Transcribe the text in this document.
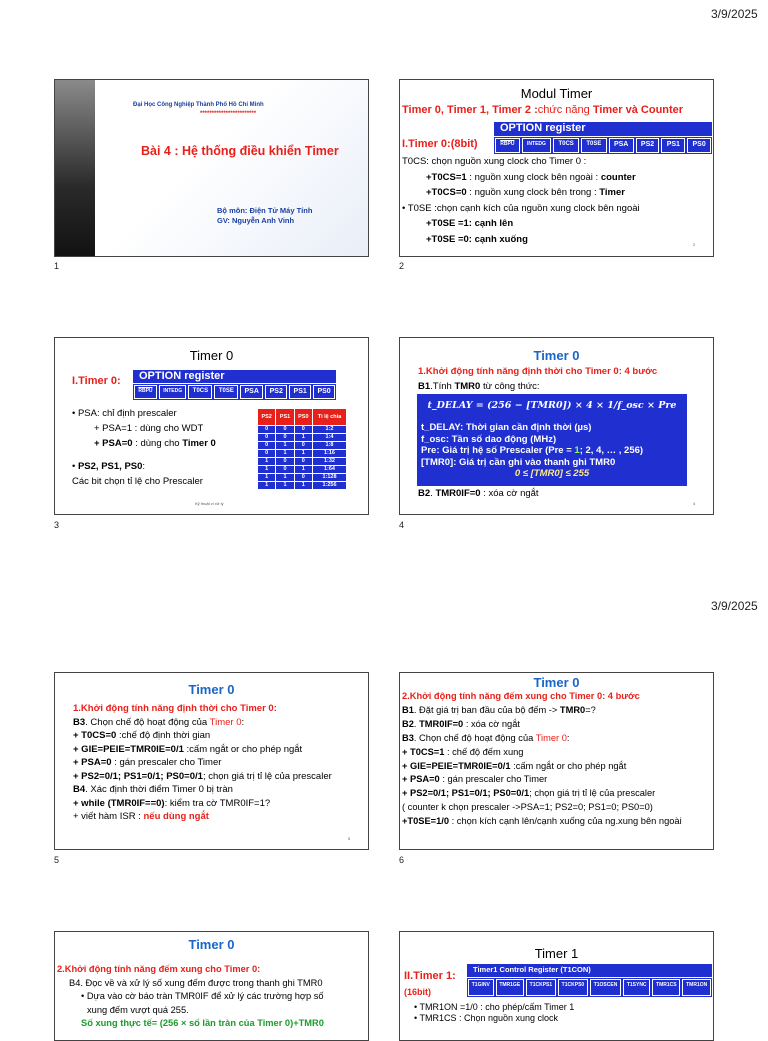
3/9/2025
3/9/2025
Đại Học Công Nghiệp Thành Phố Hồ Chí Minh
************************
Bài 4 : Hệ thống điều khiển Timer
Bộ môn: Điện Tử Máy Tính
GV: Nguyễn Anh Vinh
1
Modul Timer
Timer 0, Timer 1, Timer 2 :chức năng Timer và Counter
I.Timer 0:(8bit)
OPTION register
RBPU	INTEDG	T0CS	T0SE	PSA	PS2	PS1	PS0
T0CS: chọn nguồn xung clock cho Timer 0 :
+T0CS=1 : nguồn xung clock bên ngoài : counter
+T0CS=0 : nguồn xung clock bên trong : Timer
• T0SE :chọn cạnh kích của nguồn xung clock bên ngoài
+T0SE =1: cạnh lên
+T0SE =0: cạnh xuống	2
2
Timer 0
I.Timer 0:	OPTION register
RBPU	INTEDG	T0CS	T0SE	PSA	PS2	PS1	PS0
• PSA: chỉ định prescaler
+ PSA=1 : dùng cho WDT
+ PSA=0 : dùng cho Timer 0
• PS2, PS1, PS0:
Các bit chọn tỉ lệ cho Prescaler
PS2	PS1	PS0	Tỉ lệ chia
0	0	0	1:2
0	0	1	1:4
0	1	0	1:8
0	1	1	1:16
1	0	0	1:32
1	0	1	1:64
1	1	0	1:128
1	1	1	1:256
Kỹ thuật vi xử lý
3
Timer 0
1.Khởi động tính năng định thời cho Timer 0: 4 bước
B1.Tính TMR0 từ công thức:
t_DELAY = (256 − [TMR0]) × 4 × 1/f_osc × Pre
t_DELAY: Thời gian cần định thời (µs)
f_osc: Tần số dao động (MHz)
Pre: Giá trị hệ số Prescaler (Pre = 1; 2, 4, … , 256)
[TMR0]: Giá trị cần ghi vào thanh ghi TMR0
0 ≤ [TMR0] ≤ 255
B2. TMR0IF=0 : xóa cờ ngắt
4
4
Timer 0
1.Khởi động tính năng định thời cho Timer 0:
B3. Chọn chế độ hoạt động của Timer 0:
+ T0CS=0 :chế độ định thời gian
+ GIE=PEIE=TMR0IE=0/1 :cấm ngắt or cho phép ngắt
+ PSA=0 : gán prescaler cho Timer
+ PS2=0/1; PS1=0/1; PS0=0/1; chọn giá trị tỉ lệ của prescaler
B4. Xác định thời điểm Timer 0 bị tràn
+ while (TMR0IF==0): kiểm tra cờ TMR0IF=1?
+ viết hàm ISR : nếu dùng ngắt
5
5
Timer 0
2.Khởi động tính năng đếm xung cho Timer 0: 4 bước
B1. Đặt giá trị ban đầu của bộ đếm -> TMR0=?
B2. TMR0IF=0 : xóa cờ ngắt
B3. Chọn chế độ hoạt động của Timer 0:
+ T0CS=1 : chế độ đếm xung
+ GIE=PEIE=TMR0IE=0/1 :cấm ngắt or cho phép ngắt
+ PSA=0 : gán prescaler cho Timer
+ PS2=0/1; PS1=0/1; PS0=0/1; chọn giá trị tỉ lệ của prescaler
( counter k chọn prescaler ->PSA=1; PS2=0; PS1=0; PS0=0)
+T0SE=1/0 : chọn kích cạnh lên/cạnh xuống của ng.xung bên ngoài
6
Timer 0
2.Khởi động tính năng đếm xung cho Timer 0:
B4. Đọc về và xử lý số xung đếm được trong thanh ghi TMR0
• Dựa vào cờ báo tràn TMR0IF để xử lý các trường hợp số
xung đếm vượt quá 255.
Số xung thực tế= (256 × số lần tràn của Timer 0)+TMR0
Timer 1
II.Timer 1:
(16bit)
Timer1 Control Register (T1CON)
T1GINV	TMR1GE	T1CKPS1	T1CKPS0	T1OSCEN	T1SYNC	TMR1CS	TMR1ON
• TMR1ON =1/0 : cho phép/cấm Timer 1
• TMR1CS : Chọn nguồn xung clock
